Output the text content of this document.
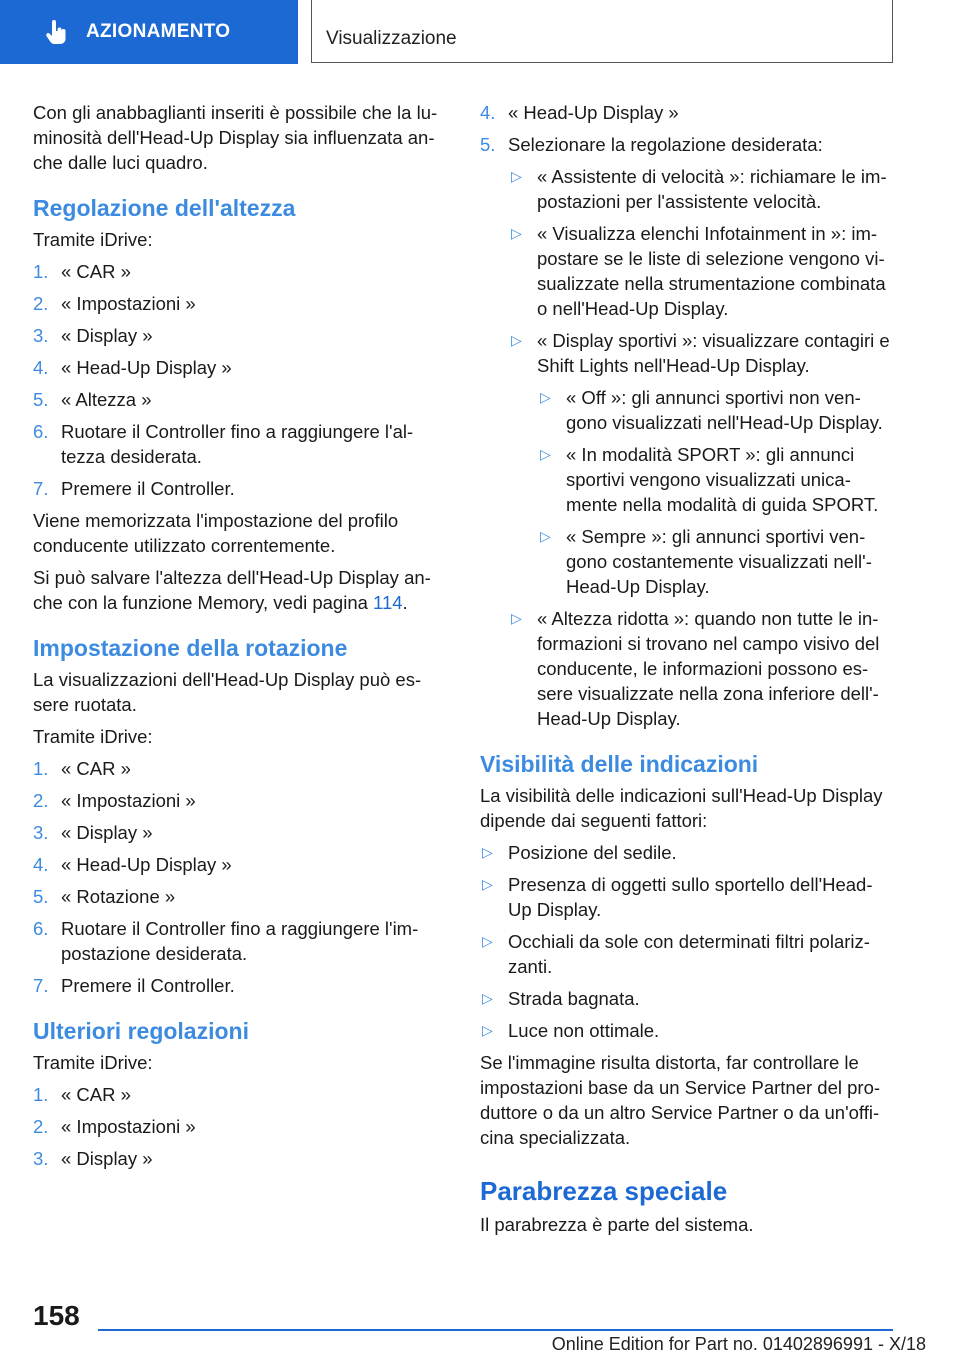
AZIONAMENTO	Visualizzazione

Con gli anabbaglianti inseriti è possibile che la luminosità dell'Head-Up Display sia influenzata anche dalle luci quadro.

Regolazione dell'altezza

Tramite iDrive:

1. « CAR »
2. « Impostazioni »
3. « Display »
4. « Head-Up Display »
5. « Altezza »
6. Ruotare il Controller fino a raggiungere l'altezza desiderata.
7. Premere il Controller.

Viene memorizzata l'impostazione del profilo conducente utilizzato correntemente.

Si può salvare l'altezza dell'Head-Up Display anche con la funzione Memory, vedi pagina 114.

Impostazione della rotazione

La visualizzazioni dell'Head-Up Display può essere ruotata.

Tramite iDrive:

1. « CAR »
2. « Impostazioni »
3. « Display »
4. « Head-Up Display »
5. « Rotazione »
6. Ruotare il Controller fino a raggiungere l'impostazione desiderata.
7. Premere il Controller.
Ulteriori regolazioni

Tramite iDrive:

1. « CAR »
2. « Impostazioni »
3. « Display »
4. « Head-Up Display »
5. Selezionare la regolazione desiderata:
▷ « Assistente di velocità »: richiamare le impostazioni per l'assistente velocità.
▷ « Visualizza elenchi Infotainment in »: impostare se le liste di selezione vengono visualizzate nella strumentazione combinata o nell'Head-Up Display.
▷ « Display sportivi »: visualizzare contagiri e Shift Lights nell'Head-Up Display.
▷ « Off »: gli annunci sportivi non vengono visualizzati nell'Head-Up Display.
▷ « In modalità SPORT »: gli annunci sportivi vengono visualizzati unicamente nella modalità di guida SPORT.
▷ « Sempre »: gli annunci sportivi vengono costantemente visualizzati nell'-Head-Up Display.
▷ « Altezza ridotta »: quando non tutte le informazioni si trovano nel campo visivo del conducente, le informazioni possono essere visualizzate nella zona inferiore dell'-Head-Up Display.
Visibilità delle indicazioni

La visibilità delle indicazioni sull'Head-Up Display dipende dai seguenti fattori:

▷ Posizione del sedile.
▷ Presenza di oggetti sullo sportello dell'Head-Up Display.
▷ Occhiali da sole con determinati filtri polarizzanti.
▷ Strada bagnata.
▷ Luce non ottimale.

Se l'immagine risulta distorta, far controllare le impostazioni base da un Service Partner del produttore o da un altro Service Partner o da un'officina specializzata.

Parabrezza speciale

Il parabrezza è parte del sistema.

158
Online Edition for Part no. 01402896991 - X/18
